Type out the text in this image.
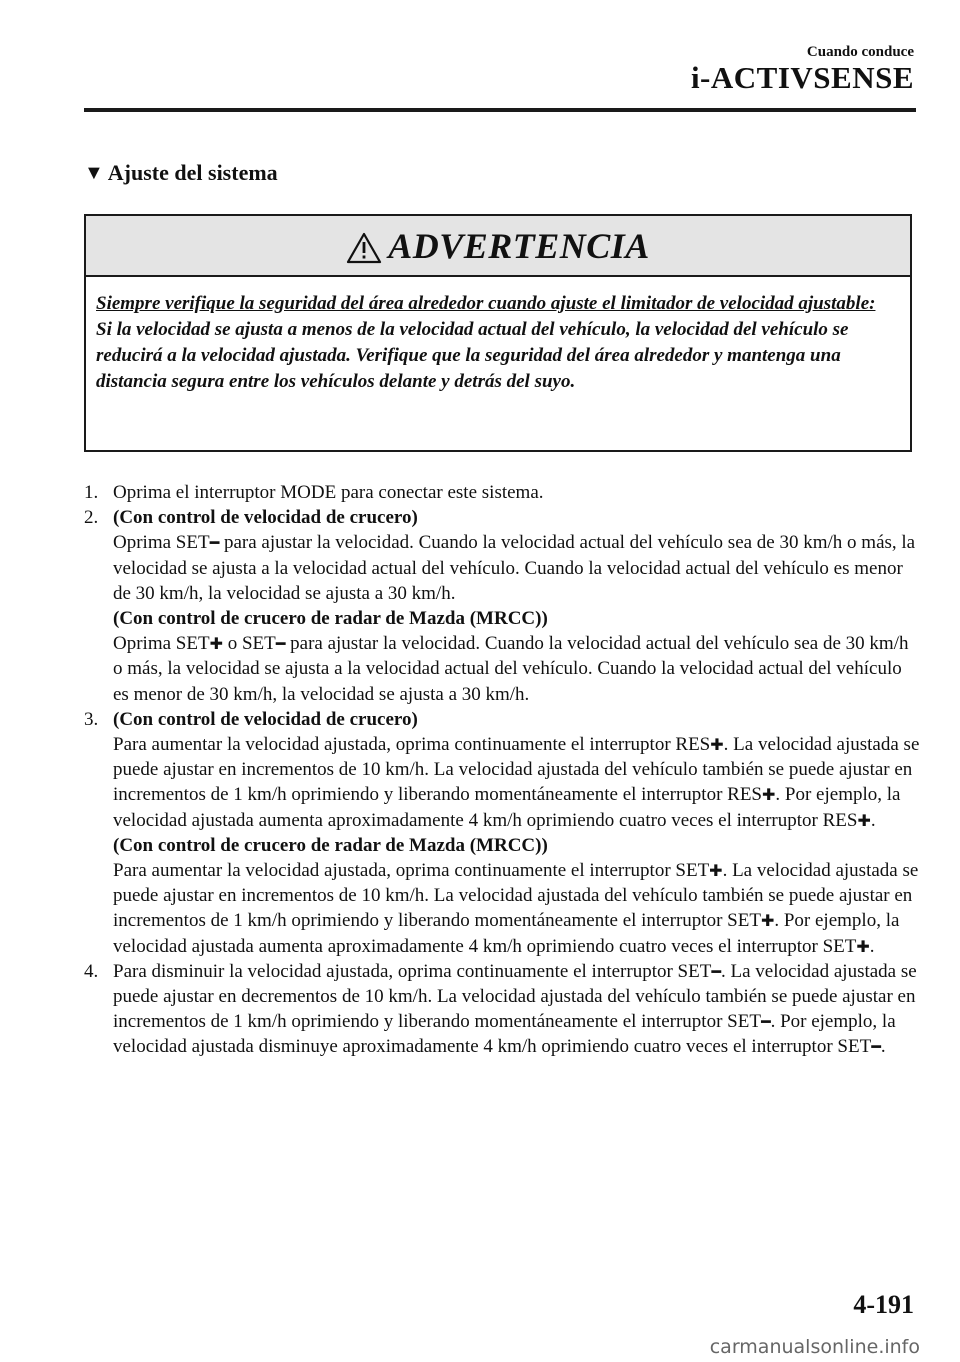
Cuando conduce
i-ACTIVSENSE
▼ Ajuste del sistema
ADVERTENCIA
Siempre verifique la seguridad del área alrededor cuando ajuste el limitador de velocidad ajustable:
Si la velocidad se ajusta a menos de la velocidad actual del vehículo, la velocidad del vehículo se reducirá a la velocidad ajustada. Verifique que la seguridad del área alrededor y mantenga una distancia segura entre los vehículos delante y detrás del suyo.
1. Oprima el interruptor MODE para conectar este sistema.
2. (Con control de velocidad de crucero)
Oprima SET━ para ajustar la velocidad. Cuando la velocidad actual del vehículo sea de 30 km/h o más, la velocidad se ajusta a la velocidad actual del vehículo. Cuando la velocidad actual del vehículo es menor de 30 km/h, la velocidad se ajusta a 30 km/h.
(Con control de crucero de radar de Mazda (MRCC))
Oprima SET✚ o SET━ para ajustar la velocidad. Cuando la velocidad actual del vehículo sea de 30 km/h o más, la velocidad se ajusta a la velocidad actual del vehículo. Cuando la velocidad actual del vehículo es menor de 30 km/h, la velocidad se ajusta a 30 km/h.
3. (Con control de velocidad de crucero)
Para aumentar la velocidad ajustada, oprima continuamente el interruptor RES✚. La velocidad ajustada se puede ajustar en incrementos de 10 km/h. La velocidad ajustada del vehículo también se puede ajustar en incrementos de 1 km/h oprimiendo y liberando momentáneamente el interruptor RES✚. Por ejemplo, la velocidad ajustada aumenta aproximadamente 4 km/h oprimiendo cuatro veces el interruptor RES✚.
(Con control de crucero de radar de Mazda (MRCC))
Para aumentar la velocidad ajustada, oprima continuamente el interruptor SET✚. La velocidad ajustada se puede ajustar en incrementos de 10 km/h. La velocidad ajustada del vehículo también se puede ajustar en incrementos de 1 km/h oprimiendo y liberando momentáneamente el interruptor SET✚. Por ejemplo, la velocidad ajustada aumenta aproximadamente 4 km/h oprimiendo cuatro veces el interruptor SET✚.
4. Para disminuir la velocidad ajustada, oprima continuamente el interruptor SET━. La velocidad ajustada se puede ajustar en decrementos de 10 km/h. La velocidad ajustada del vehículo también se puede ajustar en incrementos de 1 km/h oprimiendo y liberando momentáneamente el interruptor SET━. Por ejemplo, la velocidad ajustada disminuye aproximadamente 4 km/h oprimiendo cuatro veces el interruptor SET━.
4-191
carmanualsonline.info
